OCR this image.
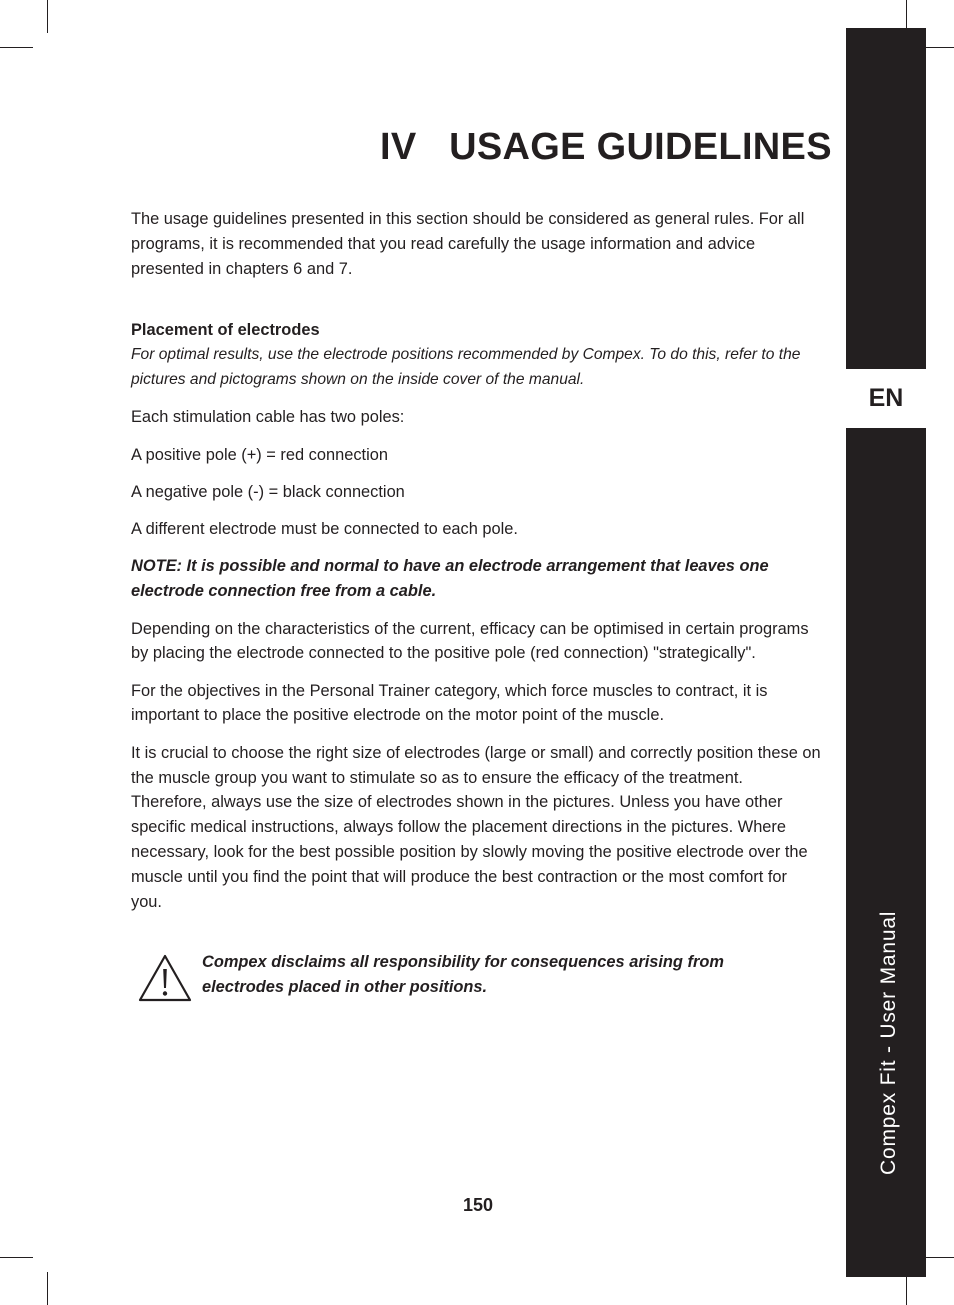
EN
Compex Fit - User Manual
IV USAGE GUIDELINES

The usage guidelines presented in this section should be considered as general rules. For all programs, it is recommended that you read carefully the usage information and advice presented in chapters 6 and 7.

Placement of electrodes

For optimal results, use the electrode positions recommended by Compex. To do this, refer to the pictures and pictograms shown on the inside cover of the manual.

Each stimulation cable has two poles:

A positive pole (+) = red connection

A negative pole (-) = black connection

A different electrode must be connected to each pole.

NOTE: It is possible and normal to have an electrode arrangement that leaves one electrode connection free from a cable.

Depending on the characteristics of the current, efficacy can be optimised in certain programs by placing the electrode connected to the positive pole (red connection) "strategically".

For the objectives in the Personal Trainer category, which force muscles to contract, it is important to place the positive electrode on the motor point of the muscle.

It is crucial to choose the right size of electrodes (large or small) and correctly position these on the muscle group you want to stimulate so as to ensure the efficacy of the treatment. Therefore, always use the size of electrodes shown in the pictures. Unless you have other specific medical instructions, always follow the placement directions in the pictures. Where necessary, look for the best possible position by slowly moving the positive electrode over the muscle until you find the point that will produce the best contraction or the most comfort for you.

Compex disclaims all responsibility for consequences arising from electrodes placed in other positions.
150
